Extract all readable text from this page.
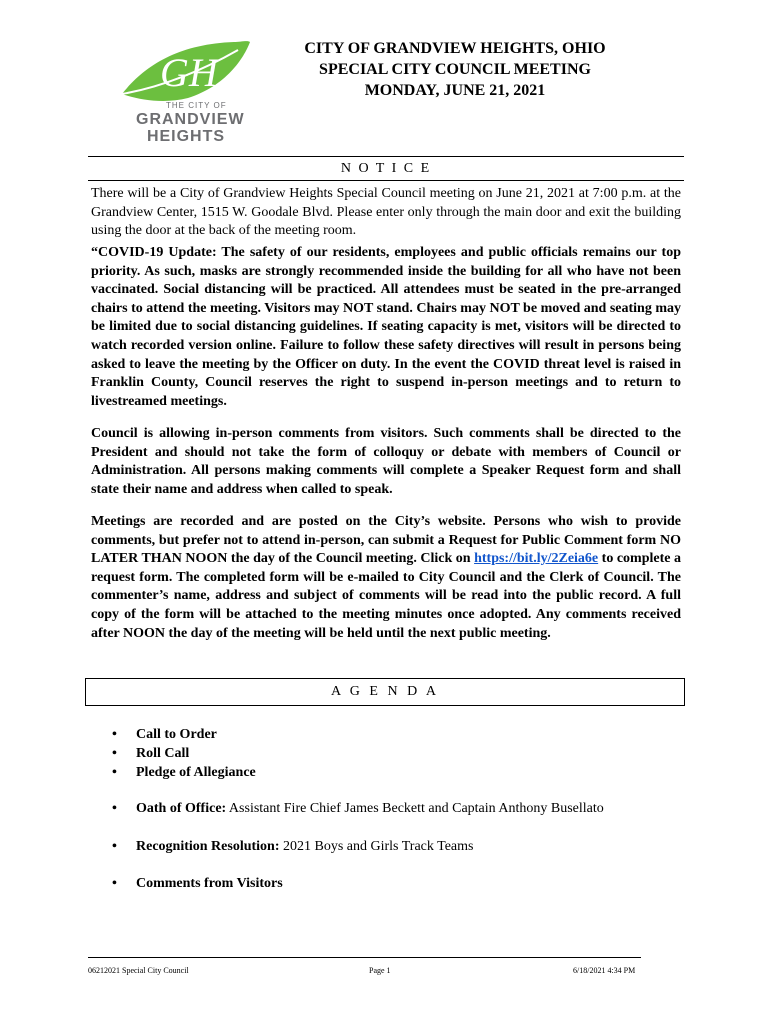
GH
THE CITY OF
GRANDVIEW
HEIGHTS
CITY OF GRANDVIEW HEIGHTS, OHIO
SPECIAL CITY COUNCIL MEETING
MONDAY, JUNE 21, 2021
N O T I C E
There will be a City of Grandview Heights Special Council meeting on June 21, 2021 at 7:00 p.m. at the Grandview Center, 1515 W. Goodale Blvd. Please enter only through the main door and exit the building using the door at the back of the meeting room.
“COVID-19 Update: The safety of our residents, employees and public officials remains our top priority. As such, masks are strongly recommended inside the building for all who have not been vaccinated. Social distancing will be practiced. All attendees must be seated in the pre-arranged chairs to attend the meeting. Visitors may NOT stand. Chairs may NOT be moved and seating may be limited due to social distancing guidelines. If seating capacity is met, visitors will be directed to watch recorded version online. Failure to follow these safety directives will result in persons being asked to leave the meeting by the Officer on duty. In the event the COVID threat level is raised in Franklin County, Council reserves the right to suspend in-person meetings and to return to livestreamed meetings.
Council is allowing in-person comments from visitors. Such comments shall be directed to the President and should not take the form of colloquy or debate with members of Council or Administration. All persons making comments will complete a Speaker Request form and shall state their name and address when called to speak.
Meetings are recorded and are posted on the City’s website. Persons who wish to provide comments, but prefer not to attend in-person, can submit a Request for Public Comment form NO LATER THAN NOON the day of the Council meeting. Click on https://bit.ly/2Zeia6e to complete a request form. The completed form will be e-mailed to City Council and the Clerk of Council. The commenter’s name, address and subject of comments will be read into the public record. A full copy of the form will be attached to the meeting minutes once adopted. Any comments received after NOON the day of the meeting will be held until the next public meeting.
A G E N D A
• Call to Order
• Roll Call
• Pledge of Allegiance
• Oath of Office: Assistant Fire Chief James Beckett and Captain Anthony Busellato
• Recognition Resolution: 2021 Boys and Girls Track Teams
• Comments from Visitors
06212021 Special City Council	Page 1	6/18/2021 4:34 PM
